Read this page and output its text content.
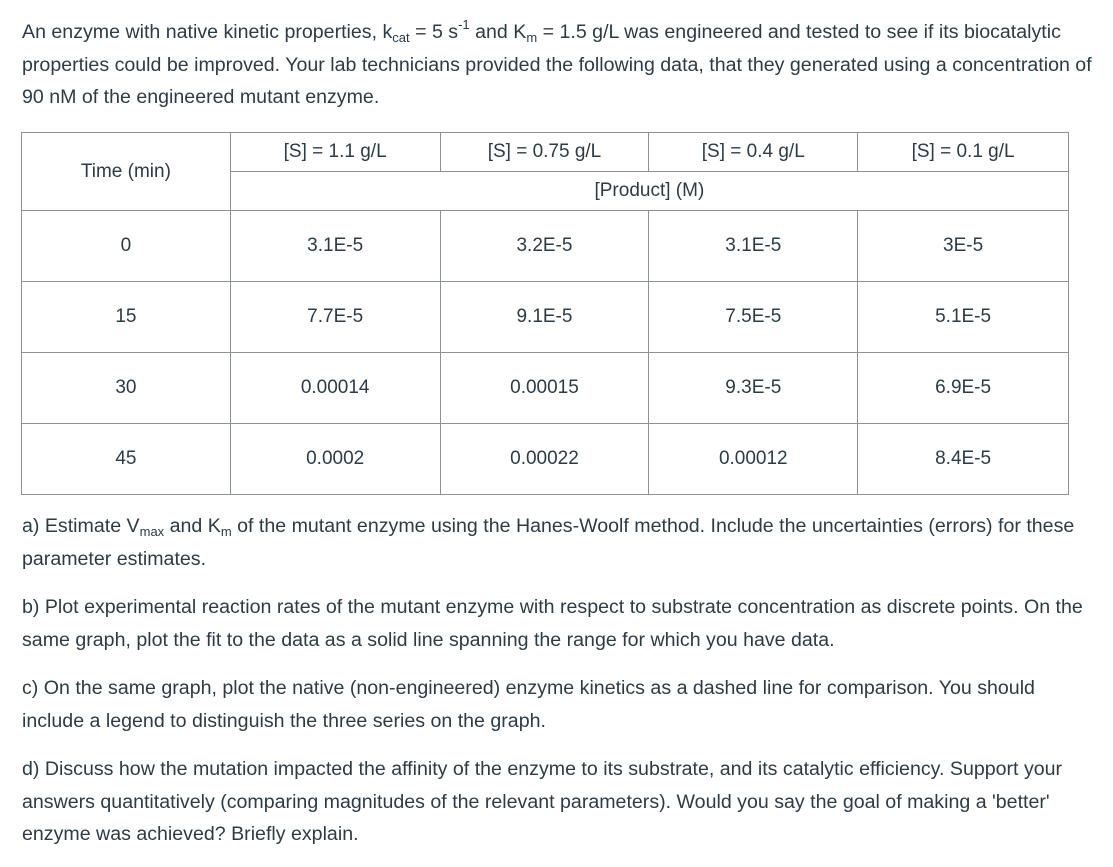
An enzyme with native kinetic properties, $k_{cat} = 5$ $s^{-1}$ and $K_m = 1.5$ g/L was engineered and tested to see if its biocatalytic properties could be improved. Your lab technicians provided the following data, that they generated using a concentration of 90 nM of the engineered mutant enzyme.

Time (min)	[S] = 1.1 g/L	[S] = 0.75 g/L	[S] = 0.4 g/L	[S] = 0.1 g/L
	[Product] (M)			
0	3.1E-5	3.2E-5	3.1E-5	3E-5
15	7.7E-5	9.1E-5	7.5E-5	5.1E-5
30	0.00014	0.00015	9.3E-5	6.9E-5
45	0.0002	0.00022	0.00012	8.4E-5

a) Estimate $V_{max}$ and $K_m$ of the mutant enzyme using the Hanes-Woolf method. Include the uncertainties (errors) for these parameter estimates.

b) Plot experimental reaction rates of the mutant enzyme with respect to substrate concentration as discrete points. On the same graph, plot the fit to the data as a solid line spanning the range for which you have data.

c) On the same graph, plot the native (non-engineered) enzyme kinetics as a dashed line for comparison. You should include a legend to distinguish the three series on the graph.

d) Discuss how the mutation impacted the affinity of the enzyme to its substrate, and its catalytic efficiency. Support your answers quantitatively (comparing magnitudes of the relevant parameters). Would you say the goal of making a 'better' enzyme was achieved? Briefly explain.
